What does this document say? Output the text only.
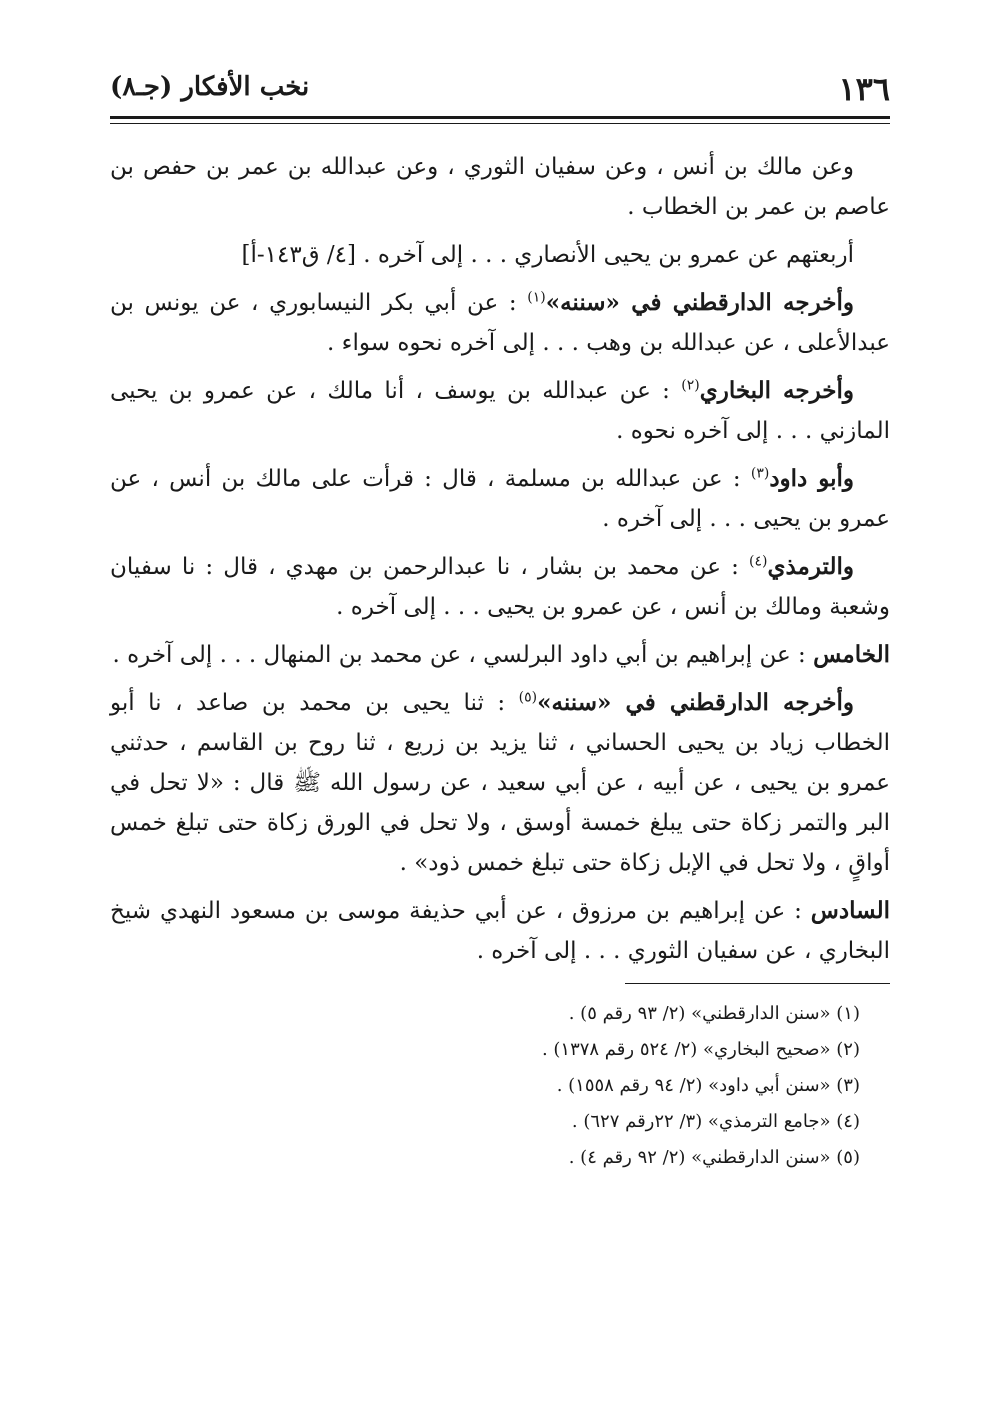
١٣٦
نخب الأفكار (جـ٨)

وعن مالك بن أنس ، وعن سفيان الثوري ، وعن عبدالله بن عمر بن حفص بن عاصم بن عمر بن الخطاب .

أربعتهم عن عمرو بن يحيى الأنصاري . . . إلى آخره . [٤/ ق١٤٣-أ]

وأخرجه الدارقطني في «سننه»$^{(١)}$ : عن أبي بكر النيسابوري ، عن يونس بن عبدالأعلى ، عن عبدالله بن وهب . . . إلى آخره نحوه سواء .

وأخرجه البخاري$^{(٢)}$ : عن عبدالله بن يوسف ، أنا مالك ، عن عمرو بن يحيى المازني . . . إلى آخره نحوه .

وأبو داود$^{(٣)}$ : عن عبدالله بن مسلمة ، قال : قرأت على مالك بن أنس ، عن عمرو بن يحيى . . . إلى آخره .

والترمذي$^{(٤)}$ : عن محمد بن بشار ، نا عبدالرحمن بن مهدي ، قال : نا سفيان وشعبة ومالك بن أنس ، عن عمرو بن يحيى . . . إلى آخره .

الخامس : عن إبراهيم بن أبي داود البرلسي ، عن محمد بن المنهال . . . إلى آخره .

وأخرجه الدارقطني في «سننه»$^{(٥)}$ : ثنا يحيى بن محمد بن صاعد ، نا أبو الخطاب زياد بن يحيى الحساني ، ثنا يزيد بن زريع ، ثنا روح بن القاسم ، حدثني عمرو بن يحيى ، عن أبيه ، عن أبي سعيد ، عن رسول الله ﷺ قال : «لا تحل في البر والتمر زكاة حتى يبلغ خمسة أوسق ، ولا تحل في الورق زكاة حتى تبلغ خمس أواقٍ ، ولا تحل في الإبل زكاة حتى تبلغ خمس ذود» .

السادس : عن إبراهيم بن مرزوق ، عن أبي حذيفة موسى بن مسعود النهدي شيخ البخاري ، عن سفيان الثوري . . . إلى آخره .

(١) «سنن الدارقطني» (٢/ ٩٣ رقم ٥) .

(٢) «صحيح البخاري» (٢/ ٥٢٤ رقم ١٣٧٨) .

(٣) «سنن أبي داود» (٢/ ٩٤ رقم ١٥٥٨) .

(٤) «جامع الترمذي» (٣/ ٢٢رقم ٦٢٧) .

(٥) «سنن الدارقطني» (٢/ ٩٢ رقم ٤) .
